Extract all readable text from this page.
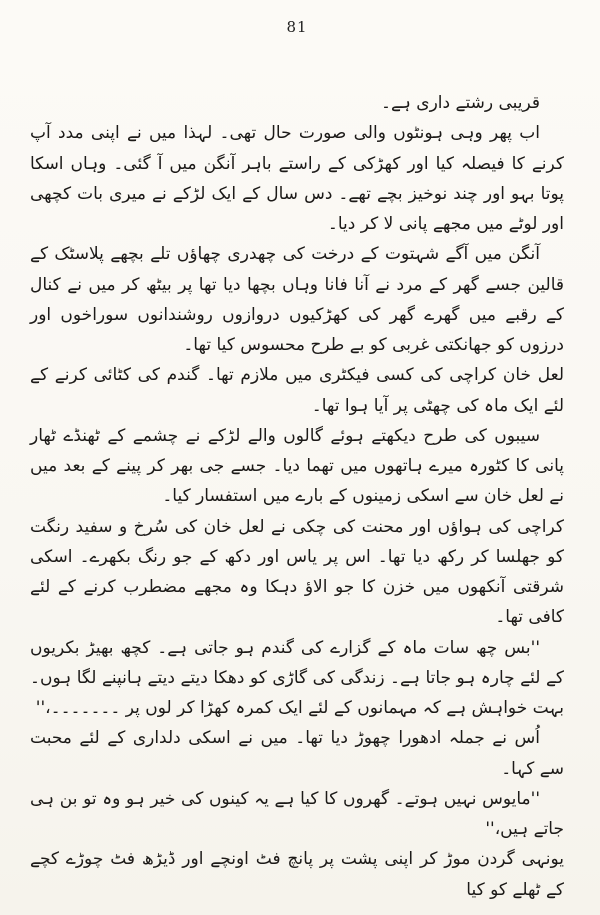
81

قریبی رشتے داری ہے۔

اب پھر وہی ہونٹوں والی صورت حال تھی۔ لہذا میں نے اپنی مدد آپ کرنے کا فیصلہ کیا اور کھڑکی کے راستے باہر آنگن میں آ گئی۔ وہاں اسکا پوتا بہو اور چند نوخیز بچے تھے۔ دس سال کے ایک لڑکے نے میری بات کچھی اور لوٹے میں مجھے پانی لا کر دیا۔

آنگن میں آگے شہتوت کے درخت کی چھدری چھاؤں تلے بچھے پلاسٹک کے قالین جسے گھر کے مرد نے آنا فانا وہاں بچھا دیا تھا پر بیٹھ کر میں نے کنال کے رقبے میں گھرے گھر کی کھڑکیوں دروازوں روشندانوں سوراخوں اور درزوں کو جھانکتی غربی کو بے طرح محسوس کیا تھا۔

لعل خان کراچی کی کسی فیکٹری میں ملازم تھا۔ گندم کی کٹائی کرنے کے لئے ایک ماہ کی چھٹی پر آیا ہوا تھا۔

سیبوں کی طرح دیکھتے ہوئے گالوں والے لڑکے نے چشمے کے ٹھنڈے ٹھار پانی کا کٹورہ میرے ہاتھوں میں تھما دیا۔ جسے جی بھر کر پینے کے بعد میں نے لعل خان سے اسکی زمینوں کے بارے میں استفسار کیا۔

کراچی کی ہواؤں اور محنت کی چکی نے لعل خان کی سُرخ و سفید رنگت کو جھلسا کر رکھ دیا تھا۔ اس پر یاس اور دکھ کے جو رنگ بکھرے۔ اسکی شرقتی آنکھوں میں خزن کا جو الاؤ دہکا وہ مجھے مضطرب کرنے کے لئے کافی تھا۔

''بس چھ سات ماہ کے گزارے کی گندم ہو جاتی ہے۔ کچھ بھیڑ بکریوں کے لئے چارہ ہو جاتا ہے۔ زندگی کی گاڑی کو دھکا دیتے دیتے ہانپنے لگا ہوں۔ بہت خواہش ہے کہ مہمانوں کے لئے ایک کمرہ کھڑا کر لوں پر ۔۔۔۔۔۔۔،''

اُس نے جملہ ادھورا چھوڑ دیا تھا۔ میں نے اسکی دلداری کے لئے محبت سے کہا۔

''مایوس نہیں ہوتے۔ گھروں کا کیا ہے یہ کینوں کی خیر ہو وہ تو بن ہی جاتے ہیں،''

یونہی گردن موڑ کر اپنی پشت پر پانچ فٹ اونچے اور ڈیڑھ فٹ چوڑے کچے کے ٹھلے کو کیا
